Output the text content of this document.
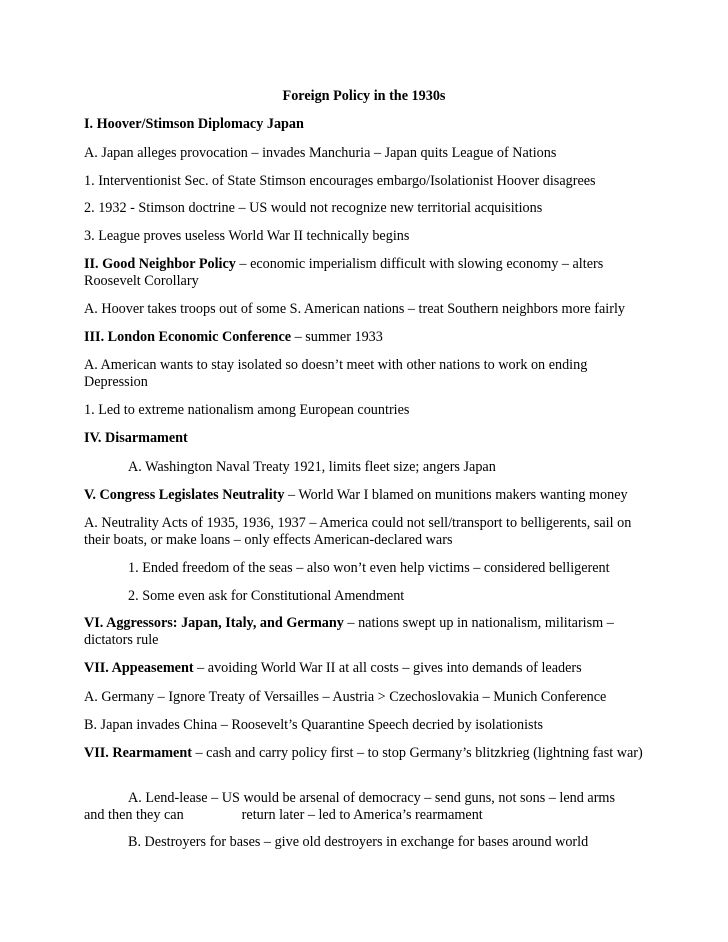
Foreign Policy in the 1930s

I. Hoover/Stimson Diplomacy Japan

A. Japan alleges provocation – invades Manchuria – Japan quits League of Nations

1. Interventionist Sec. of State Stimson encourages embargo/Isolationist Hoover disagrees

2. 1932 - Stimson doctrine – US would not recognize new territorial acquisitions

3. League proves useless World War II technically begins

II. Good Neighbor Policy – economic imperialism difficult with slowing economy – alters Roosevelt Corollary

A. Hoover takes troops out of some S. American nations – treat Southern neighbors more fairly

III. London Economic Conference – summer 1933

A. American wants to stay isolated so doesn’t meet with other nations to work on ending Depression

1. Led to extreme nationalism among European countries

IV. Disarmament

A. Washington Naval Treaty 1921, limits fleet size; angers Japan

V. Congress Legislates Neutrality – World War I blamed on munitions makers wanting money

A. Neutrality Acts of 1935, 1936, 1937 – America could not sell/transport to belligerents, sail on their boats, or make loans – only effects American-declared wars

1. Ended freedom of the seas – also won’t even help victims – considered belligerent

2. Some even ask for Constitutional Amendment

VI. Aggressors: Japan, Italy, and Germany – nations swept up in nationalism, militarism – dictators rule

VII. Appeasement – avoiding World War II at all costs – gives into demands of leaders

A. Germany – Ignore Treaty of Versailles – Austria > Czechoslovakia – Munich Conference

B. Japan invades China – Roosevelt’s Quarantine Speech decried by isolationists

VII. Rearmament – cash and carry policy first – to stop Germany’s blitzkrieg (lightning fast war)

A. Lend-lease – US would be arsenal of democracy – send guns, not sons – lend arms

and then they can	return later – led to America’s rearmament

B. Destroyers for bases – give old destroyers in exchange for bases around world
